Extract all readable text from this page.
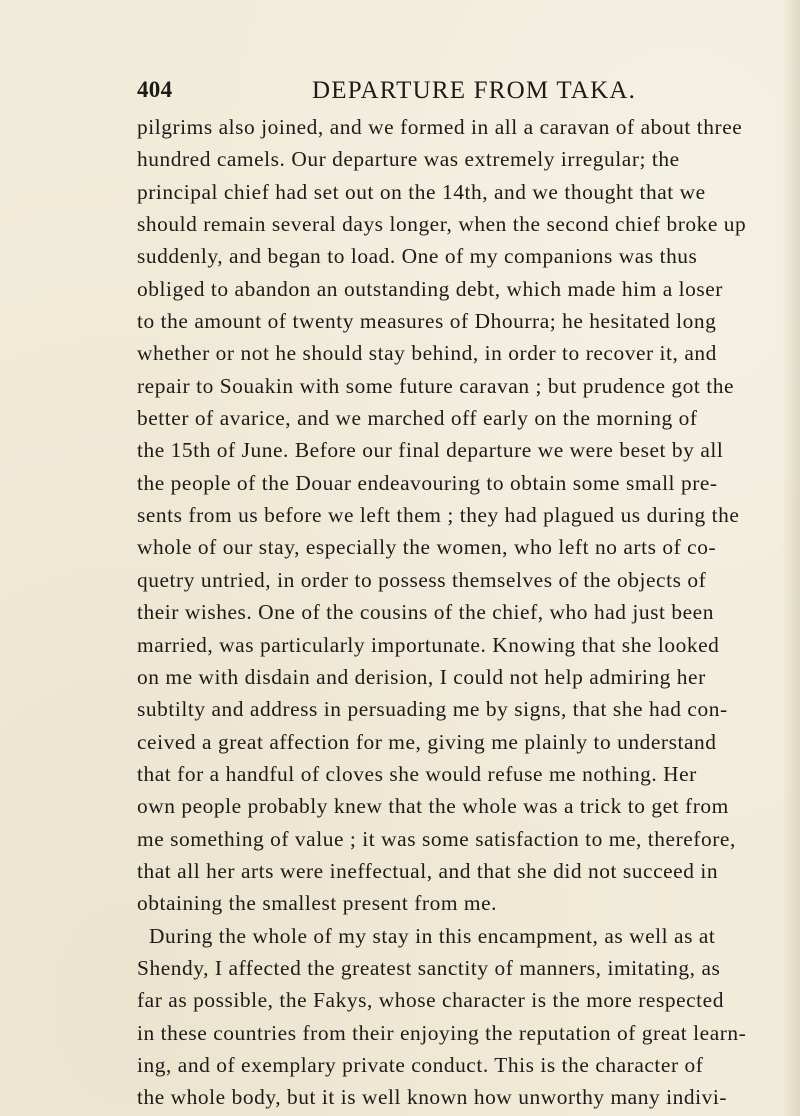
404	DEPARTURE FROM TAKA.
pilgrims also joined, and we formed in all a caravan of about three
hundred camels. Our departure was extremely irregular; the
principal chief had set out on the 14th, and we thought that we
should remain several days longer, when the second chief broke up
suddenly, and began to load. One of my companions was thus
obliged to abandon an outstanding debt, which made him a loser
to the amount of twenty measures of Dhourra; he hesitated long
whether or not he should stay behind, in order to recover it, and
repair to Souakin with some future caravan ; but prudence got the
better of avarice, and we marched off early on the morning of
the 15th of June. Before our final departure we were beset by all
the people of the Douar endeavouring to obtain some small pre-
sents from us before we left them ; they had plagued us during the
whole of our stay, especially the women, who left no arts of co-
quetry untried, in order to possess themselves of the objects of
their wishes. One of the cousins of the chief, who had just been
married, was particularly importunate. Knowing that she looked
on me with disdain and derision, I could not help admiring her
subtilty and address in persuading me by signs, that she had con-
ceived a great affection for me, giving me plainly to understand
that for a handful of cloves she would refuse me nothing. Her
own people probably knew that the whole was a trick to get from
me something of value ; it was some satisfaction to me, therefore,
that all her arts were ineffectual, and that she did not succeed in
obtaining the smallest present from me.
During the whole of my stay in this encampment, as well as at
Shendy, I affected the greatest sanctity of manners, imitating, as
far as possible, the Fakys, whose character is the more respected
in these countries from their enjoying the reputation of great learn-
ing, and of exemplary private conduct. This is the character of
the whole body, but it is well known how unworthy many indivi-
